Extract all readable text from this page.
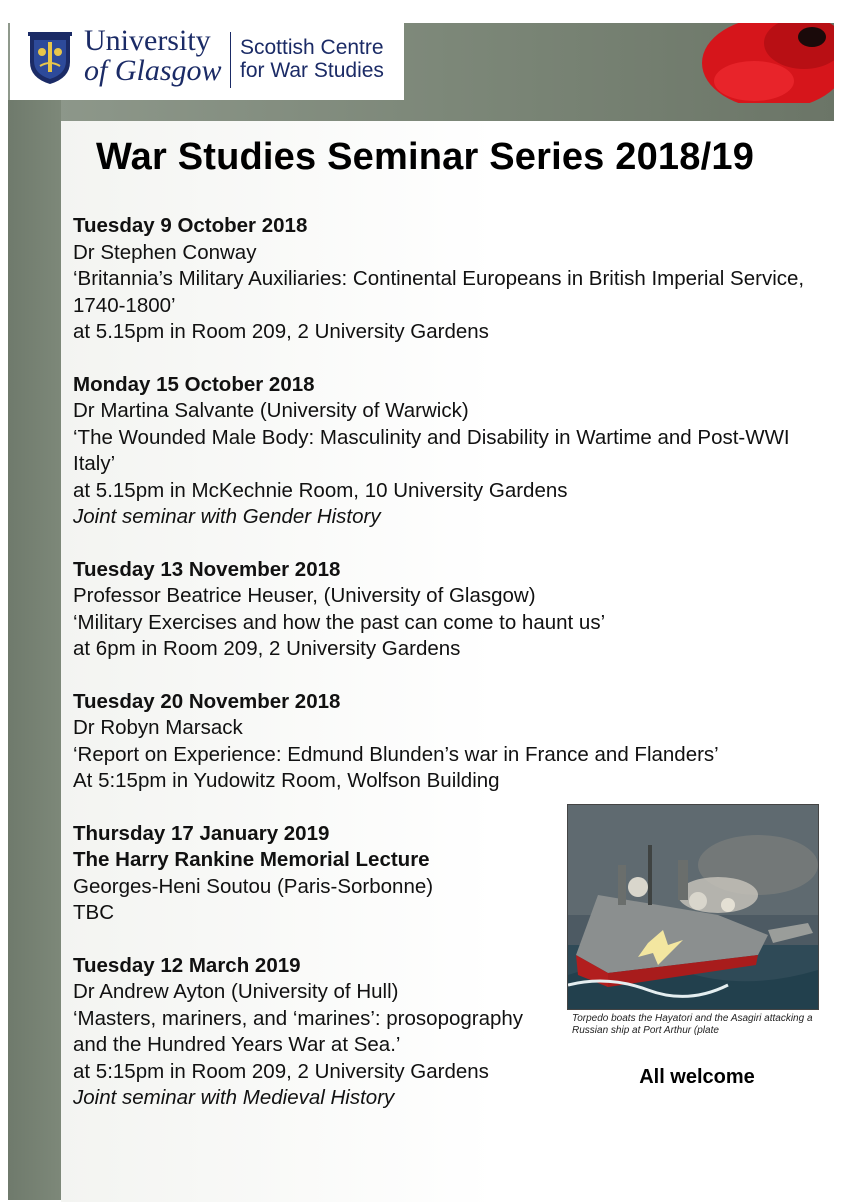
University
of Glasgow
Scottish Centre
for War Studies
War Studies Seminar Series 2018/19
Tuesday 9 October 2018
Dr Stephen Conway
‘Britannia’s Military Auxiliaries: Continental Europeans in British Imperial Service, 1740-1800’
at 5.15pm in Room 209, 2 University Gardens
Monday 15 October 2018
Dr Martina Salvante (University of Warwick)
‘The Wounded Male Body: Masculinity and Disability in Wartime and Post-WWI Italy’
at 5.15pm in McKechnie Room, 10 University Gardens
Joint seminar with Gender History
Tuesday 13 November 2018
Professor Beatrice Heuser, (University of Glasgow)
‘Military Exercises and how the past can come to haunt us’
at 6pm in Room 209, 2 University Gardens
Tuesday 20 November 2018
Dr Robyn Marsack
‘Report on Experience: Edmund Blunden’s war in France and Flanders’
At 5:15pm in Yudowitz Room, Wolfson Building
Thursday 17 January 2019
The Harry Rankine Memorial Lecture
Georges-Heni Soutou (Paris-Sorbonne)
TBC
Tuesday 12 March 2019
Dr Andrew Ayton (University of Hull)
‘Masters, mariners, and ‘marines’: prosopography and the Hundred Years War at Sea.’
at 5:15pm in Room 209, 2 University Gardens
Joint seminar with Medieval History
Torpedo boats the Hayatori and the Asagiri attacking a Russian ship at Port Arthur (plate
All welcome
